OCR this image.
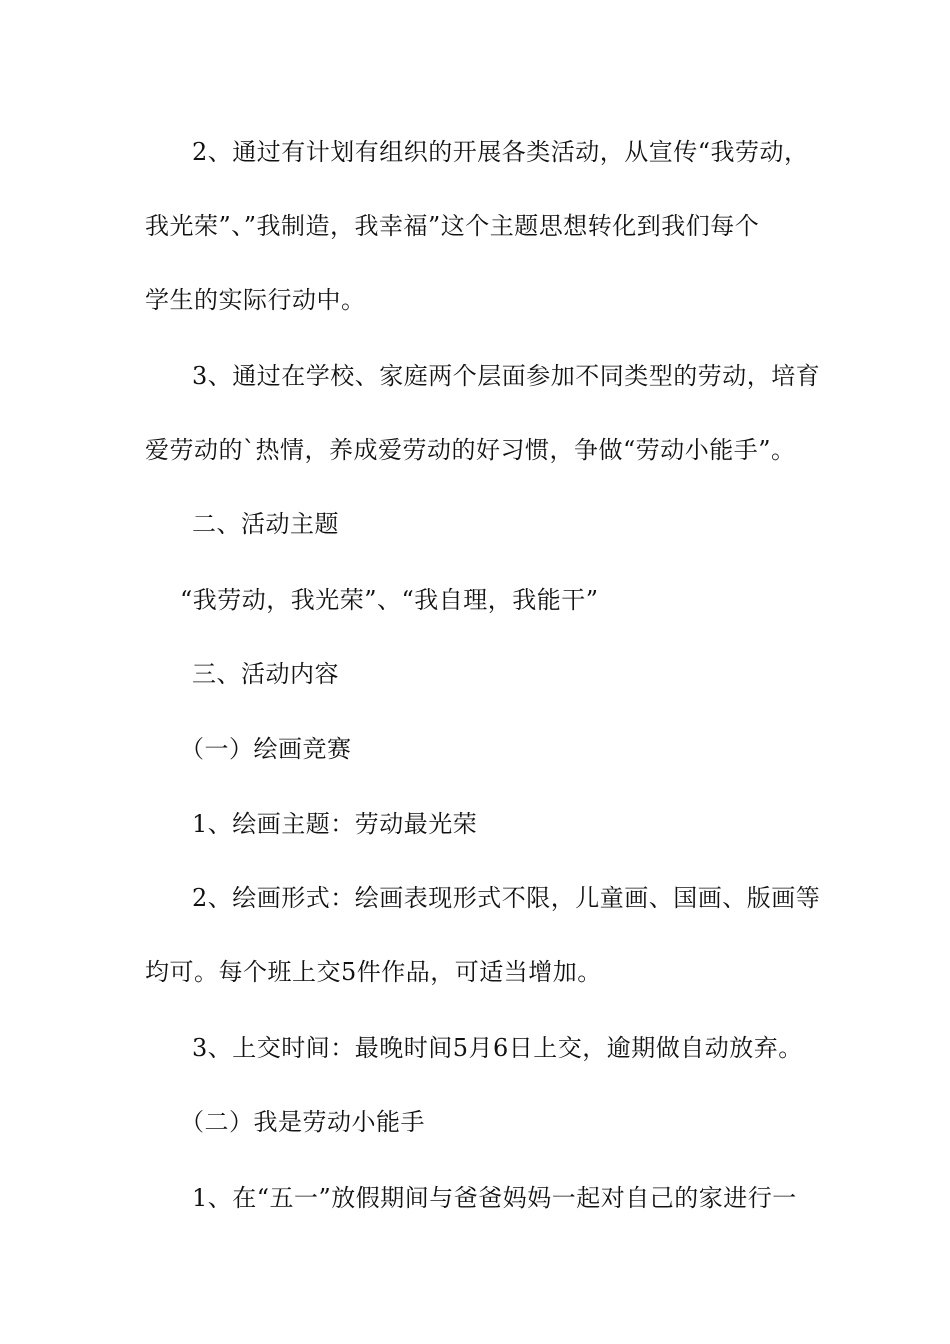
2、通过有计划有组织的开展各类活动，从宣传“我劳动，
我光荣”、”我制造，我幸福”这个主题思想转化到我们每个
学生的实际行动中。
3、通过在学校、家庭两个层面参加不同类型的劳动，培育
爱劳动的`热情，养成爱劳动的好习惯，争做“劳动小能手”。
二、活动主题
“我劳动，我光荣”、“我自理，我能干”
三、活动内容
（一）绘画竞赛
1、绘画主题：劳动最光荣
2、绘画形式：绘画表现形式不限，儿童画、国画、版画等
均可。每个班上交5件作品，可适当增加。
3、上交时间：最晚时间5月6日上交，逾期做自动放弃。
（二）我是劳动小能手
1、在“五一”放假期间与爸爸妈妈一起对自己的家进行一
